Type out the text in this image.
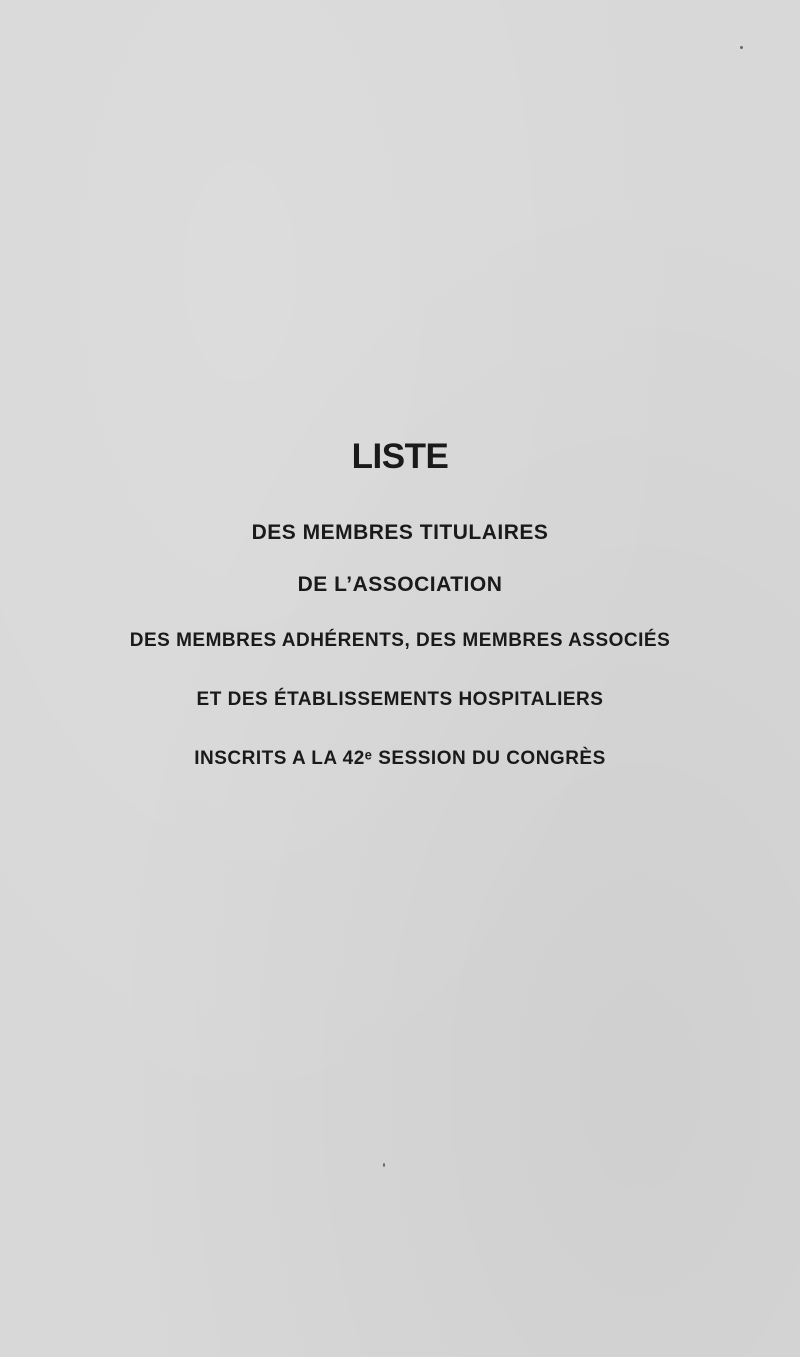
LISTE
DES MEMBRES TITULAIRES
DE L’ASSOCIATION
DES MEMBRES ADHÉRENTS, DES MEMBRES ASSOCIÉS
ET DES ÉTABLISSEMENTS HOSPITALIERS
INSCRITS A LA 42ᵉ SESSION DU CONGRÈS
